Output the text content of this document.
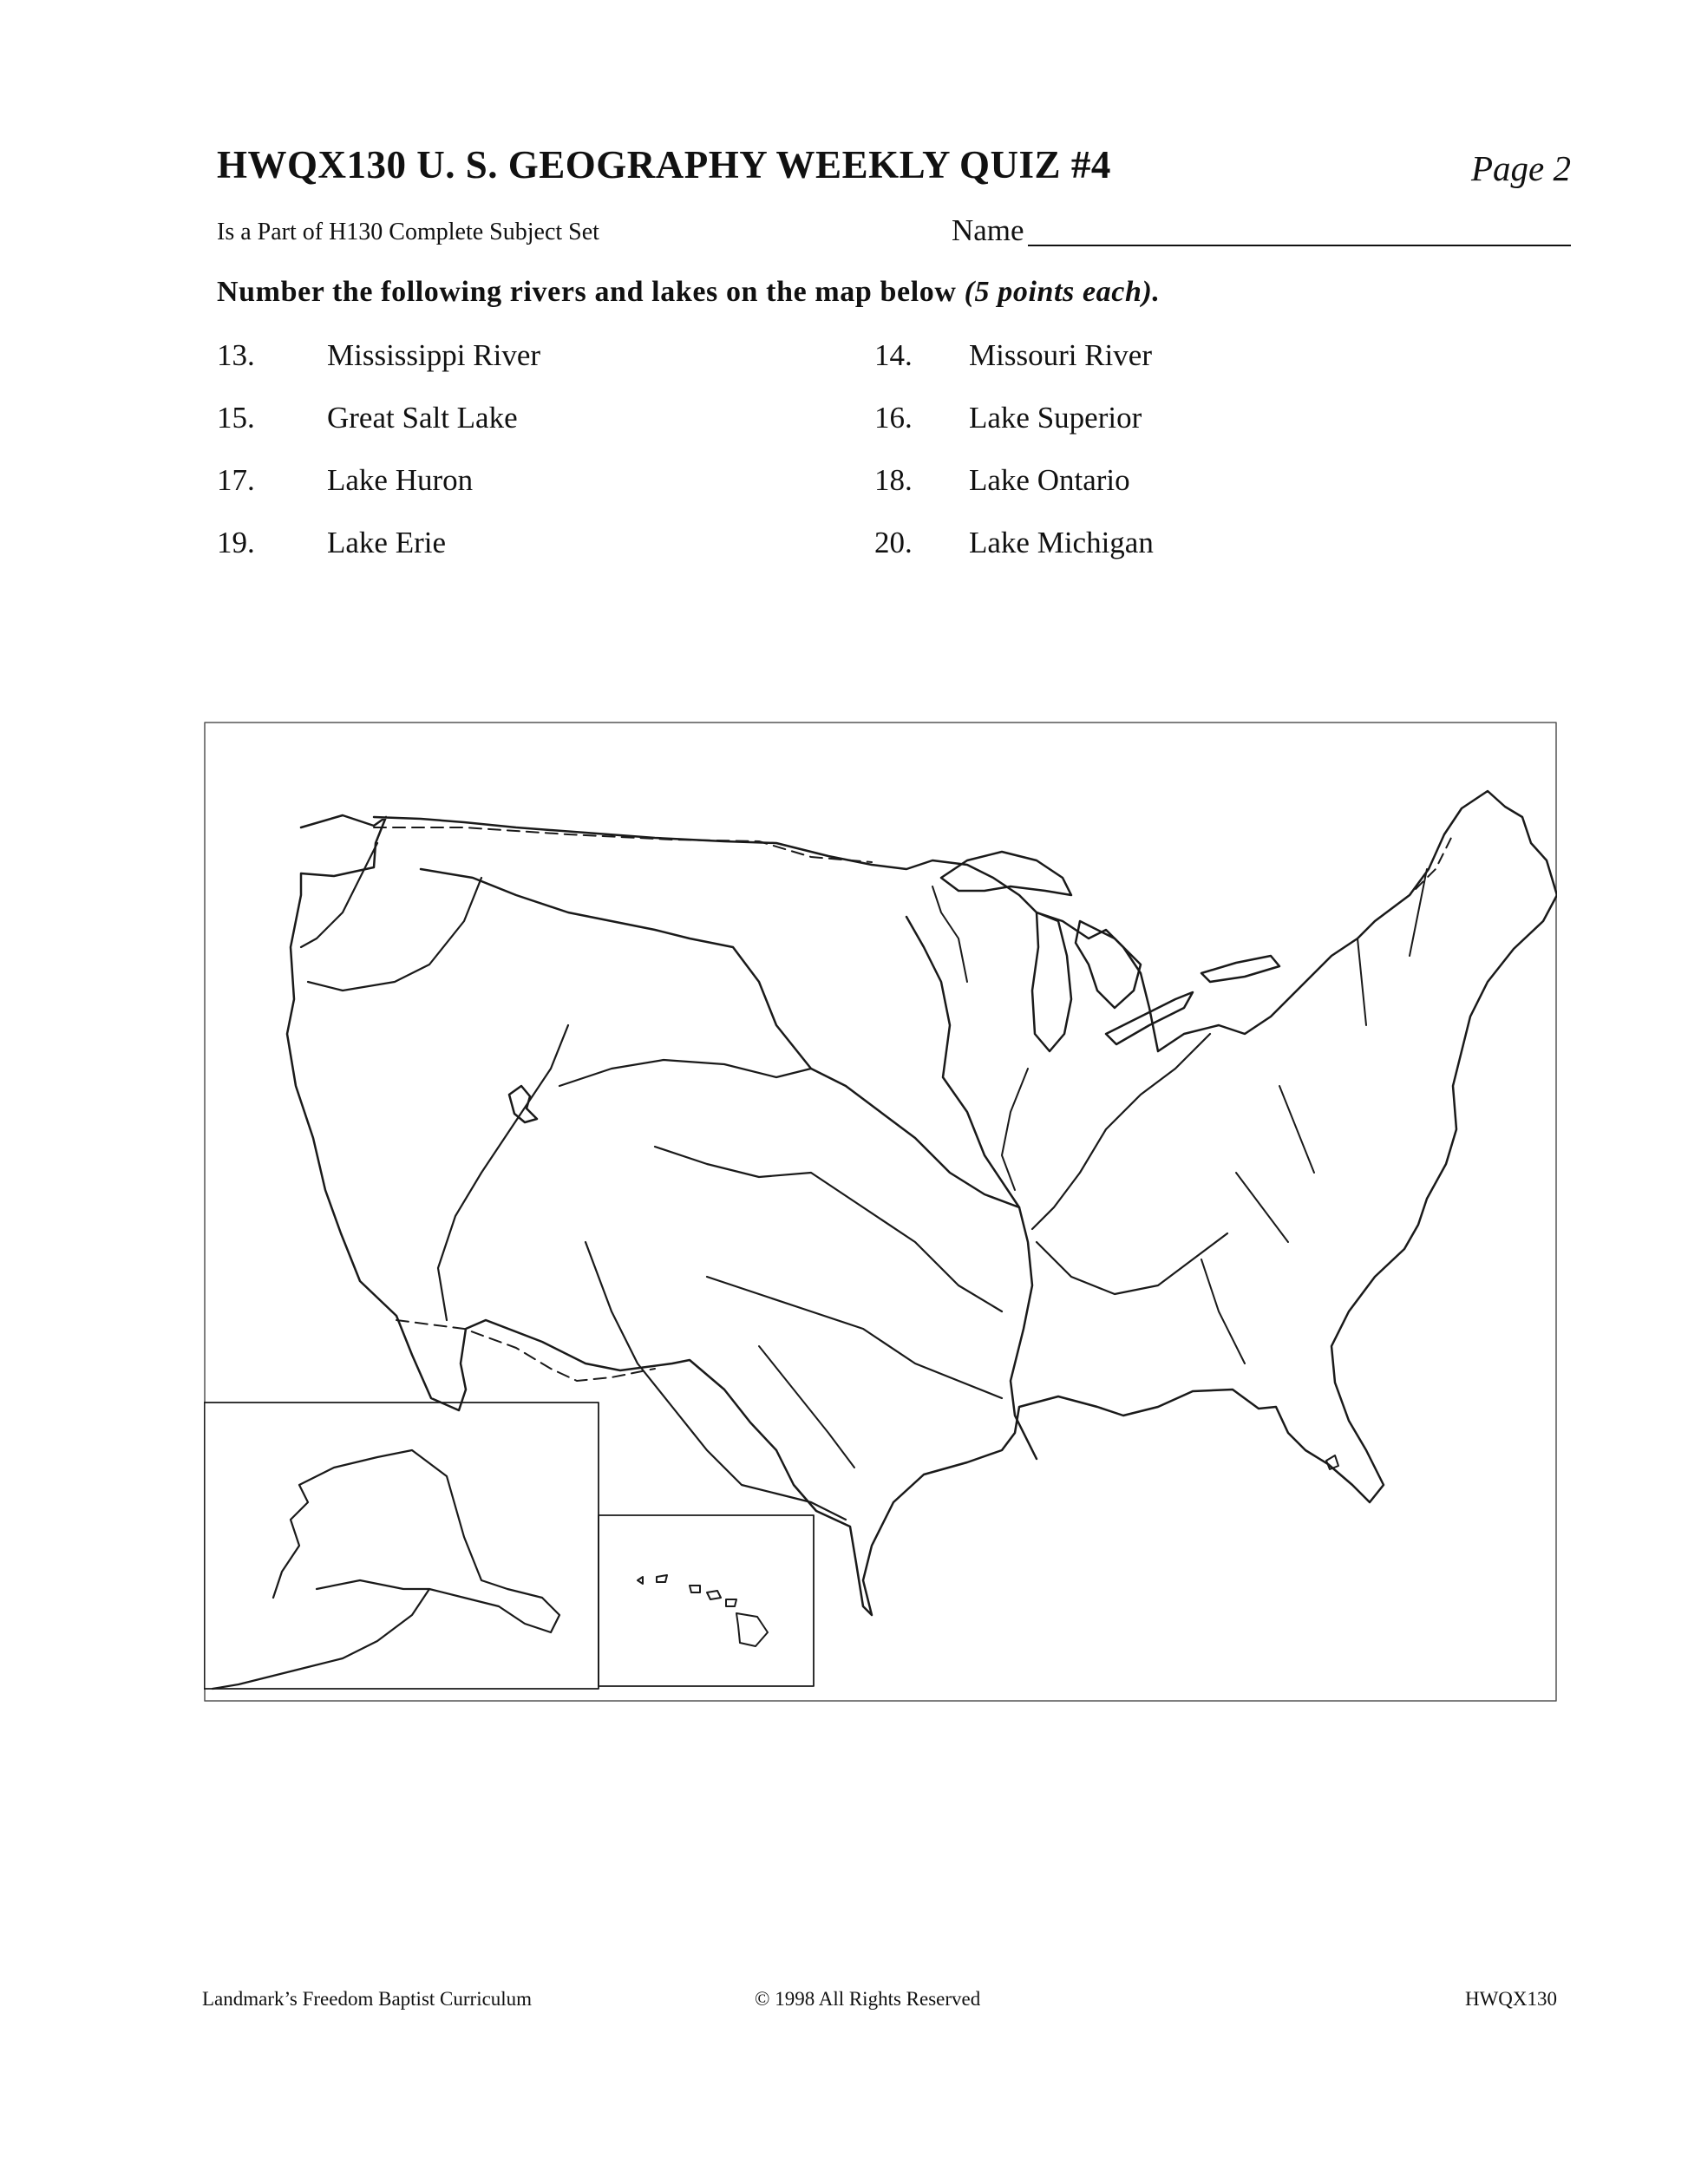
HWQX130 U. S. GEOGRAPHY WEEKLY QUIZ #4	Page 2
Is a Part of H130 Complete Subject Set	Name
Number the following rivers and lakes on the map below (5 points each).
13. Mississippi River	14. Missouri River
15. Great Salt Lake	16. Lake Superior
17. Lake Huron	18. Lake Ontario
19. Lake Erie	20. Lake Michigan
Landmark’s Freedom Baptist Curriculum	© 1998 All Rights Reserved	HWQX130
